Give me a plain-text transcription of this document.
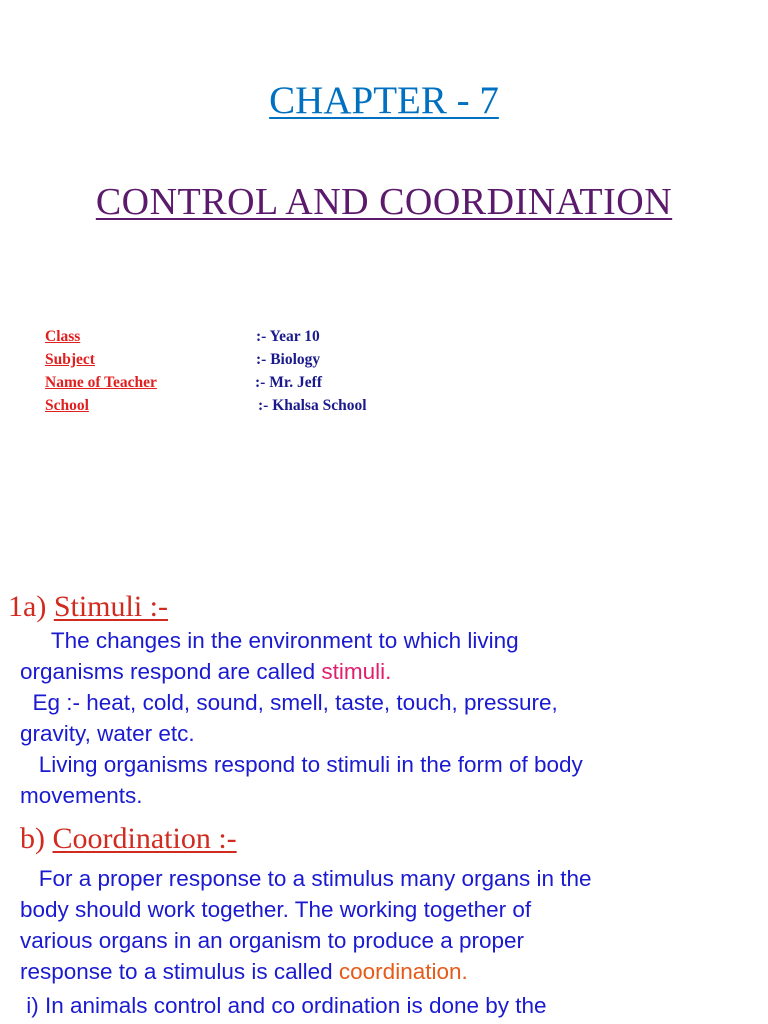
CHAPTER - 7
CONTROL AND COORDINATION
Class	:- Year 10
Subject	:- Biology
Name of Teacher	:- Mr. Jeff
School	:- Khalsa School
1a) Stimuli :-
The changes in the environment to which living
organisms respond are called stimuli.
Eg :- heat, cold, sound, smell, taste, touch, pressure,
gravity, water etc.
Living organisms respond to stimuli in the form of body
movements.
b) Coordination :-
For a proper response to a stimulus many organs in the
body should work together. The working together of
various organs in an organism to produce a proper
response to a stimulus is called coordination.
i) In animals control and co ordination is done by the
